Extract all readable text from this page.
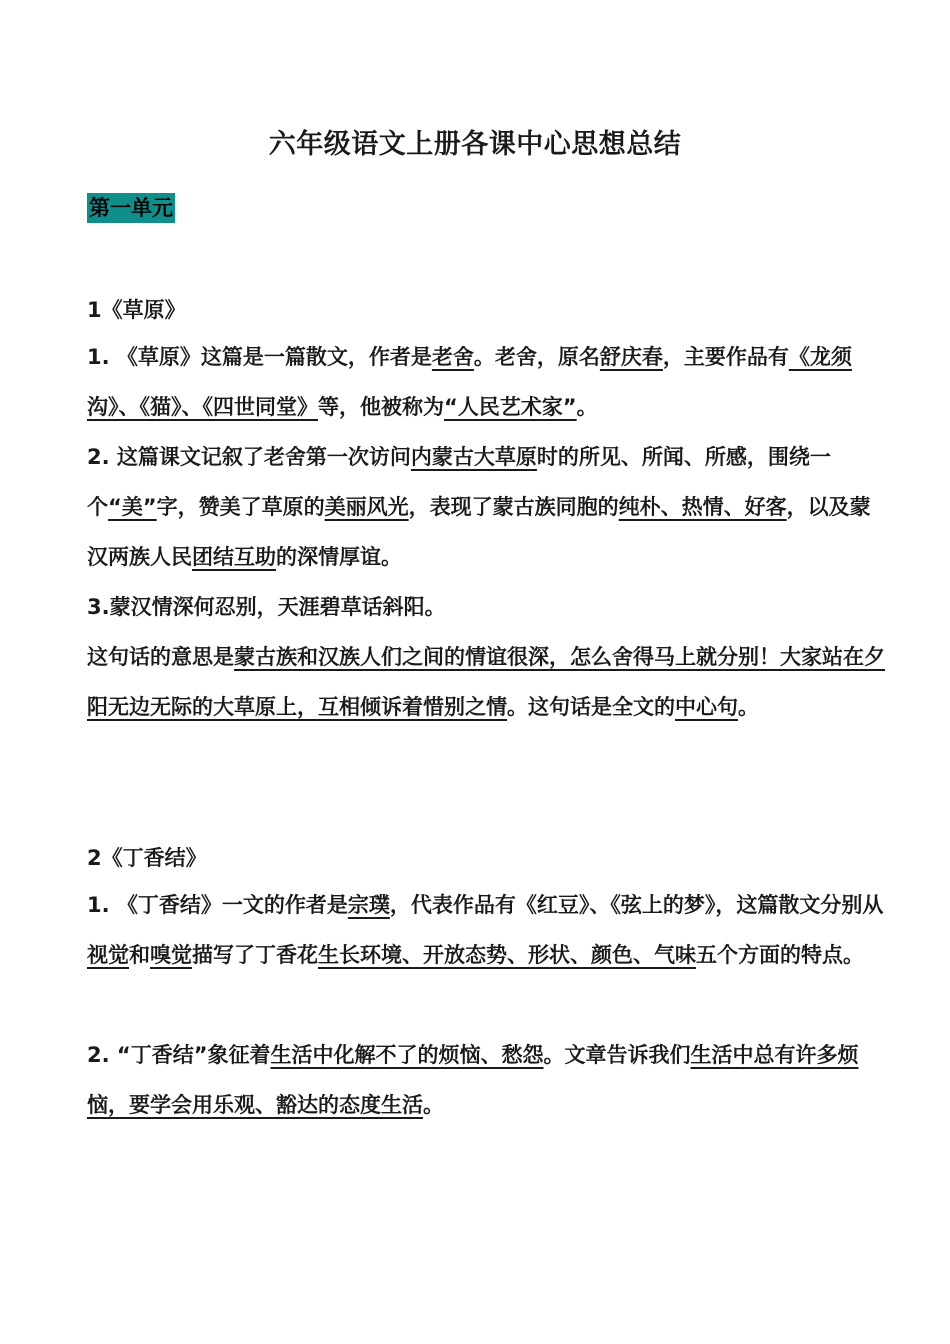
六年级语文上册各课中心思想总结
第一单元
1《草原》

1. 《草原》这篇是一篇散文，作者是老舍。老舍，原名舒庆春，主要作品有《龙须沟》、《猫》、《四世同堂》等，他被称为“人民艺术家”。

2. 这篇课文记叙了老舍第一次访问内蒙古大草原时的所见、所闻、所感，围绕一个“美”字，赞美了草原的美丽风光，表现了蒙古族同胞的纯朴、热情、好客，以及蒙汉两族人民团结互助的深情厚谊。

3.蒙汉情深何忍别，天涯碧草话斜阳。

这句话的意思是蒙古族和汉族人们之间的情谊很深，怎么舍得马上就分别！大家站在夕阳无边无际的大草原上，互相倾诉着惜别之情。这句话是全文的中心句。

2《丁香结》

1. 《丁香结》一文的作者是宗璞，代表作品有《红豆》、《弦上的梦》，这篇散文分别从视觉和嗅觉描写了丁香花生长环境、开放态势、形状、颜色、气味五个方面的特点。

2. “丁香结”象征着生活中化解不了的烦恼、愁怨。文章告诉我们生活中总有许多烦恼，要学会用乐观、豁达的态度生活。
